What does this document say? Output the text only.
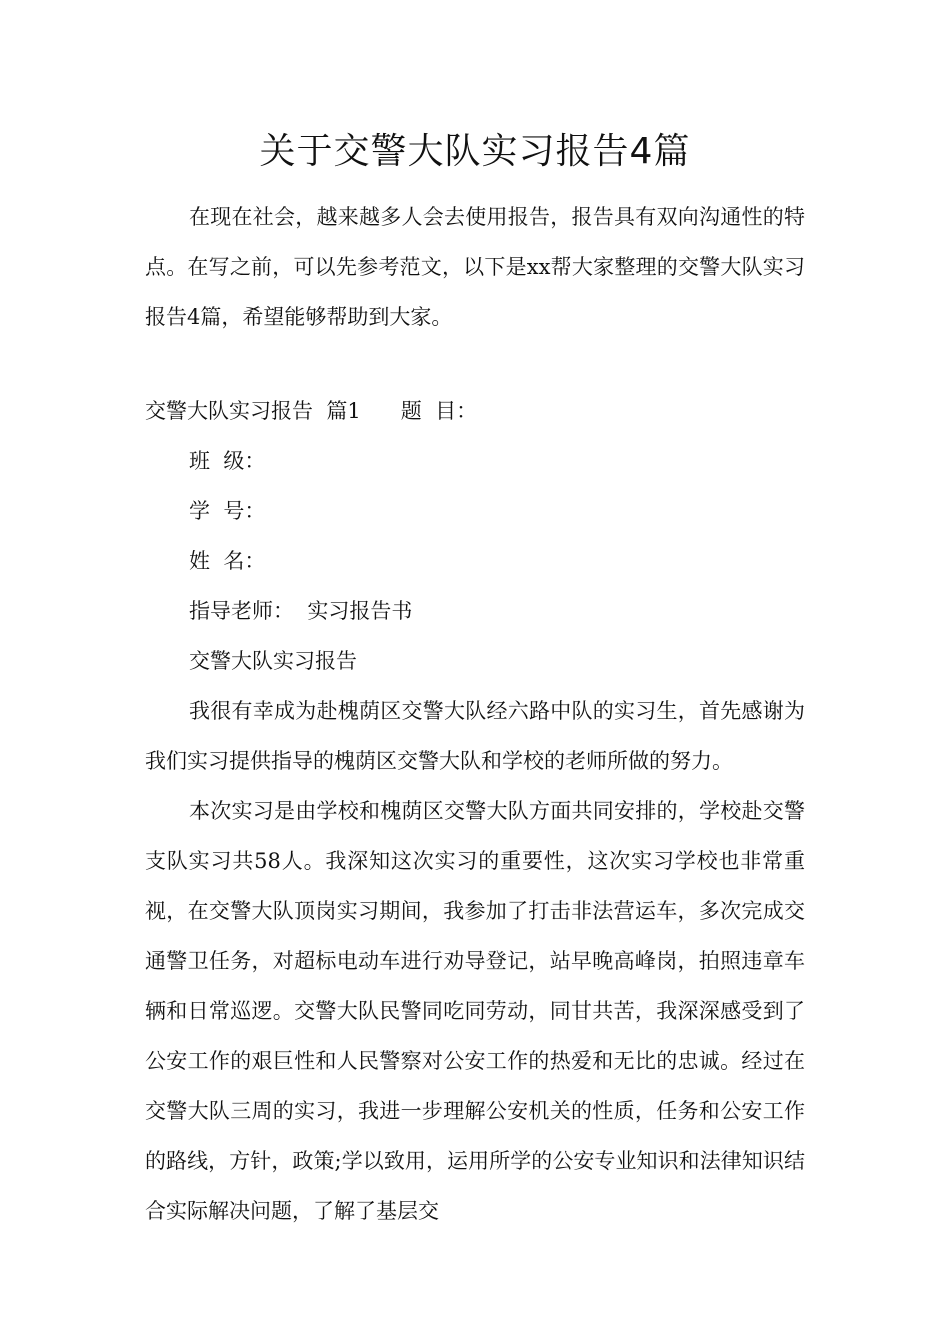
关于交警大队实习报告4篇

在现在社会，越来越多人会去使用报告，报告具有双向沟通性的特点。在写之前，可以先参考范文，以下是xx帮大家整理的交警大队实习报告4篇，希望能够帮助到大家。

交警大队实习报告  篇1      题  目：

班  级：

学  号：

姓  名：

指导老师：  实习报告书

交警大队实习报告

我很有幸成为赴槐荫区交警大队经六路中队的实习生，首先感谢为我们实习提供指导的槐荫区交警大队和学校的老师所做的努力。

本次实习是由学校和槐荫区交警大队方面共同安排的，学校赴交警支队实习共58人。我深知这次实习的重要性，这次实习学校也非常重视，在交警大队顶岗实习期间，我参加了打击非法营运车，多次完成交通警卫任务，对超标电动车进行劝导登记，站早晚高峰岗，拍照违章车辆和日常巡逻。交警大队民警同吃同劳动，同甘共苦，我深深感受到了公安工作的艰巨性和人民警察对公安工作的热爱和无比的忠诚。经过在交警大队三周的实习，我进一步理解公安机关的性质，任务和公安工作的路线，方针，政策;学以致用，运用所学的公安专业知识和法律知识结合实际解决问题，了解了基层交
